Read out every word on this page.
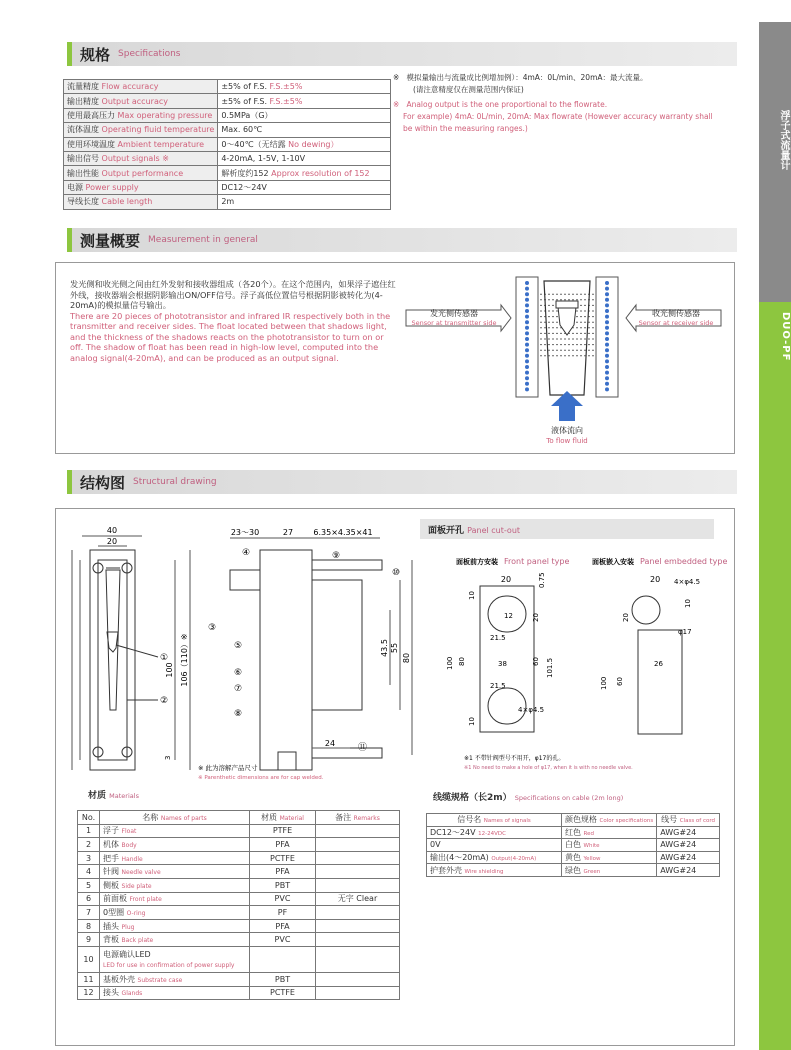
浮子式流量计
DUO-PF
规格 Specifications
流量精度 Flow accuracy	±5% of F.S. F.S.±5%
输出精度 Output accuracy	±5% of F.S. F.S.±5%
使用最高压力 Max operating pressure	0.5MPa（G）
流体温度 Operating fluid temperature	Max. 60℃
使用环境温度 Ambient temperature	0～40℃（无结露 No dewing）
输出信号 Output signals ※	4-20mA, 1-5V, 1-10V
输出性能 Output performance	解析度约152 Approx resolution of 152
电源 Power supply	DC12～24V
导线长度 Cable length	2m

※ 模拟量输出与流量成比例增加例）：4mA：0L/min、20mA：最大流量。

(请注意精度仅在测量范围内保证)

※ Analog output is the one proportional to the flowrate.

For example) 4mA: 0L/min, 20mA: Max flowrate (However accuracy warranty shall

be within the measuring ranges.)

测量概要 Measurement in general

发光侧和收光侧之间由红外发射和接收器组成（各20个）。在这个范围内，如果浮子遮住红外线，接收器端会根据阴影输出ON/OFF信号。浮子高低位置信号根据阴影被转化为(4-20mA)的模拟量信号输出。

There are 20 pieces of phototransistor and infrared IR respectively both in the transmitter and receiver sides. The float located between that shadows light, and the thickness of the shadows reacts on the phototransistor to turn on or off. The shadow of float has been read in high-low level, computed into the analog signal(4-20mA), and can be produced as an output signal.

发光侧传感器
Sensor at transmitter side
收光侧传感器
Sensor at receiver side
液体流向
To flow fluid
结构图 Structural drawing
40
20
100 106（110）※
3
①
②
23～30	27	6.35×4.35×41
43.5 55
80
24
④
③
⑤
⑥
⑦
⑧
⑨
⑩
⑪
※ 此为溶解产品尺寸
※ Parenthetic dimensions are for cap welded.
面板开孔 Panel cut-out
面板前方安装 Front panel type	面板嵌入安装 Panel embedded type
20	0.75
10
12	20
21.5
38	60 101.5
100 80
21.5
4×φ4.5
10
20 4×φ4.5
20
10
φ17
100 60
26
※1 不带针阀型号不用开，φ17的孔。
※1 No need to make a hole of φ17, when it is with no needle valve.
材质 Materials
No.	名称 Names of parts	材质 Material	备注 Remarks
1	浮子 Float	PTFE	
2	机体 Body	PFA	
3	把手 Handle	PCTFE	
4	针阀 Needle valve	PFA	
5	侧板 Side plate	PBT	
6	前面板 Front plate	PVC	无字 Clear
7	0型圈 O-ring	PF	
8	插头 Plug	PFA	
9	背板 Back plate	PVC	
10	电源确认LED
LED for use in confirmation of power supply		
11	基板外壳 Substrate case	PBT	
12	接头 Glands	PCTFE	
线缆规格（长2m） Specifications on cable (2m long)
信号名 Names of signals	颜色规格 Color specifications	线号 Class of cord
DC12～24V 12-24VDC	红色 Red	AWG#24
0V	白色 White	AWG#24
输出(4～20mA) Output(4-20mA)	黄色 Yellow	AWG#24
护套外壳 Wire shielding	绿色 Green	AWG#24
